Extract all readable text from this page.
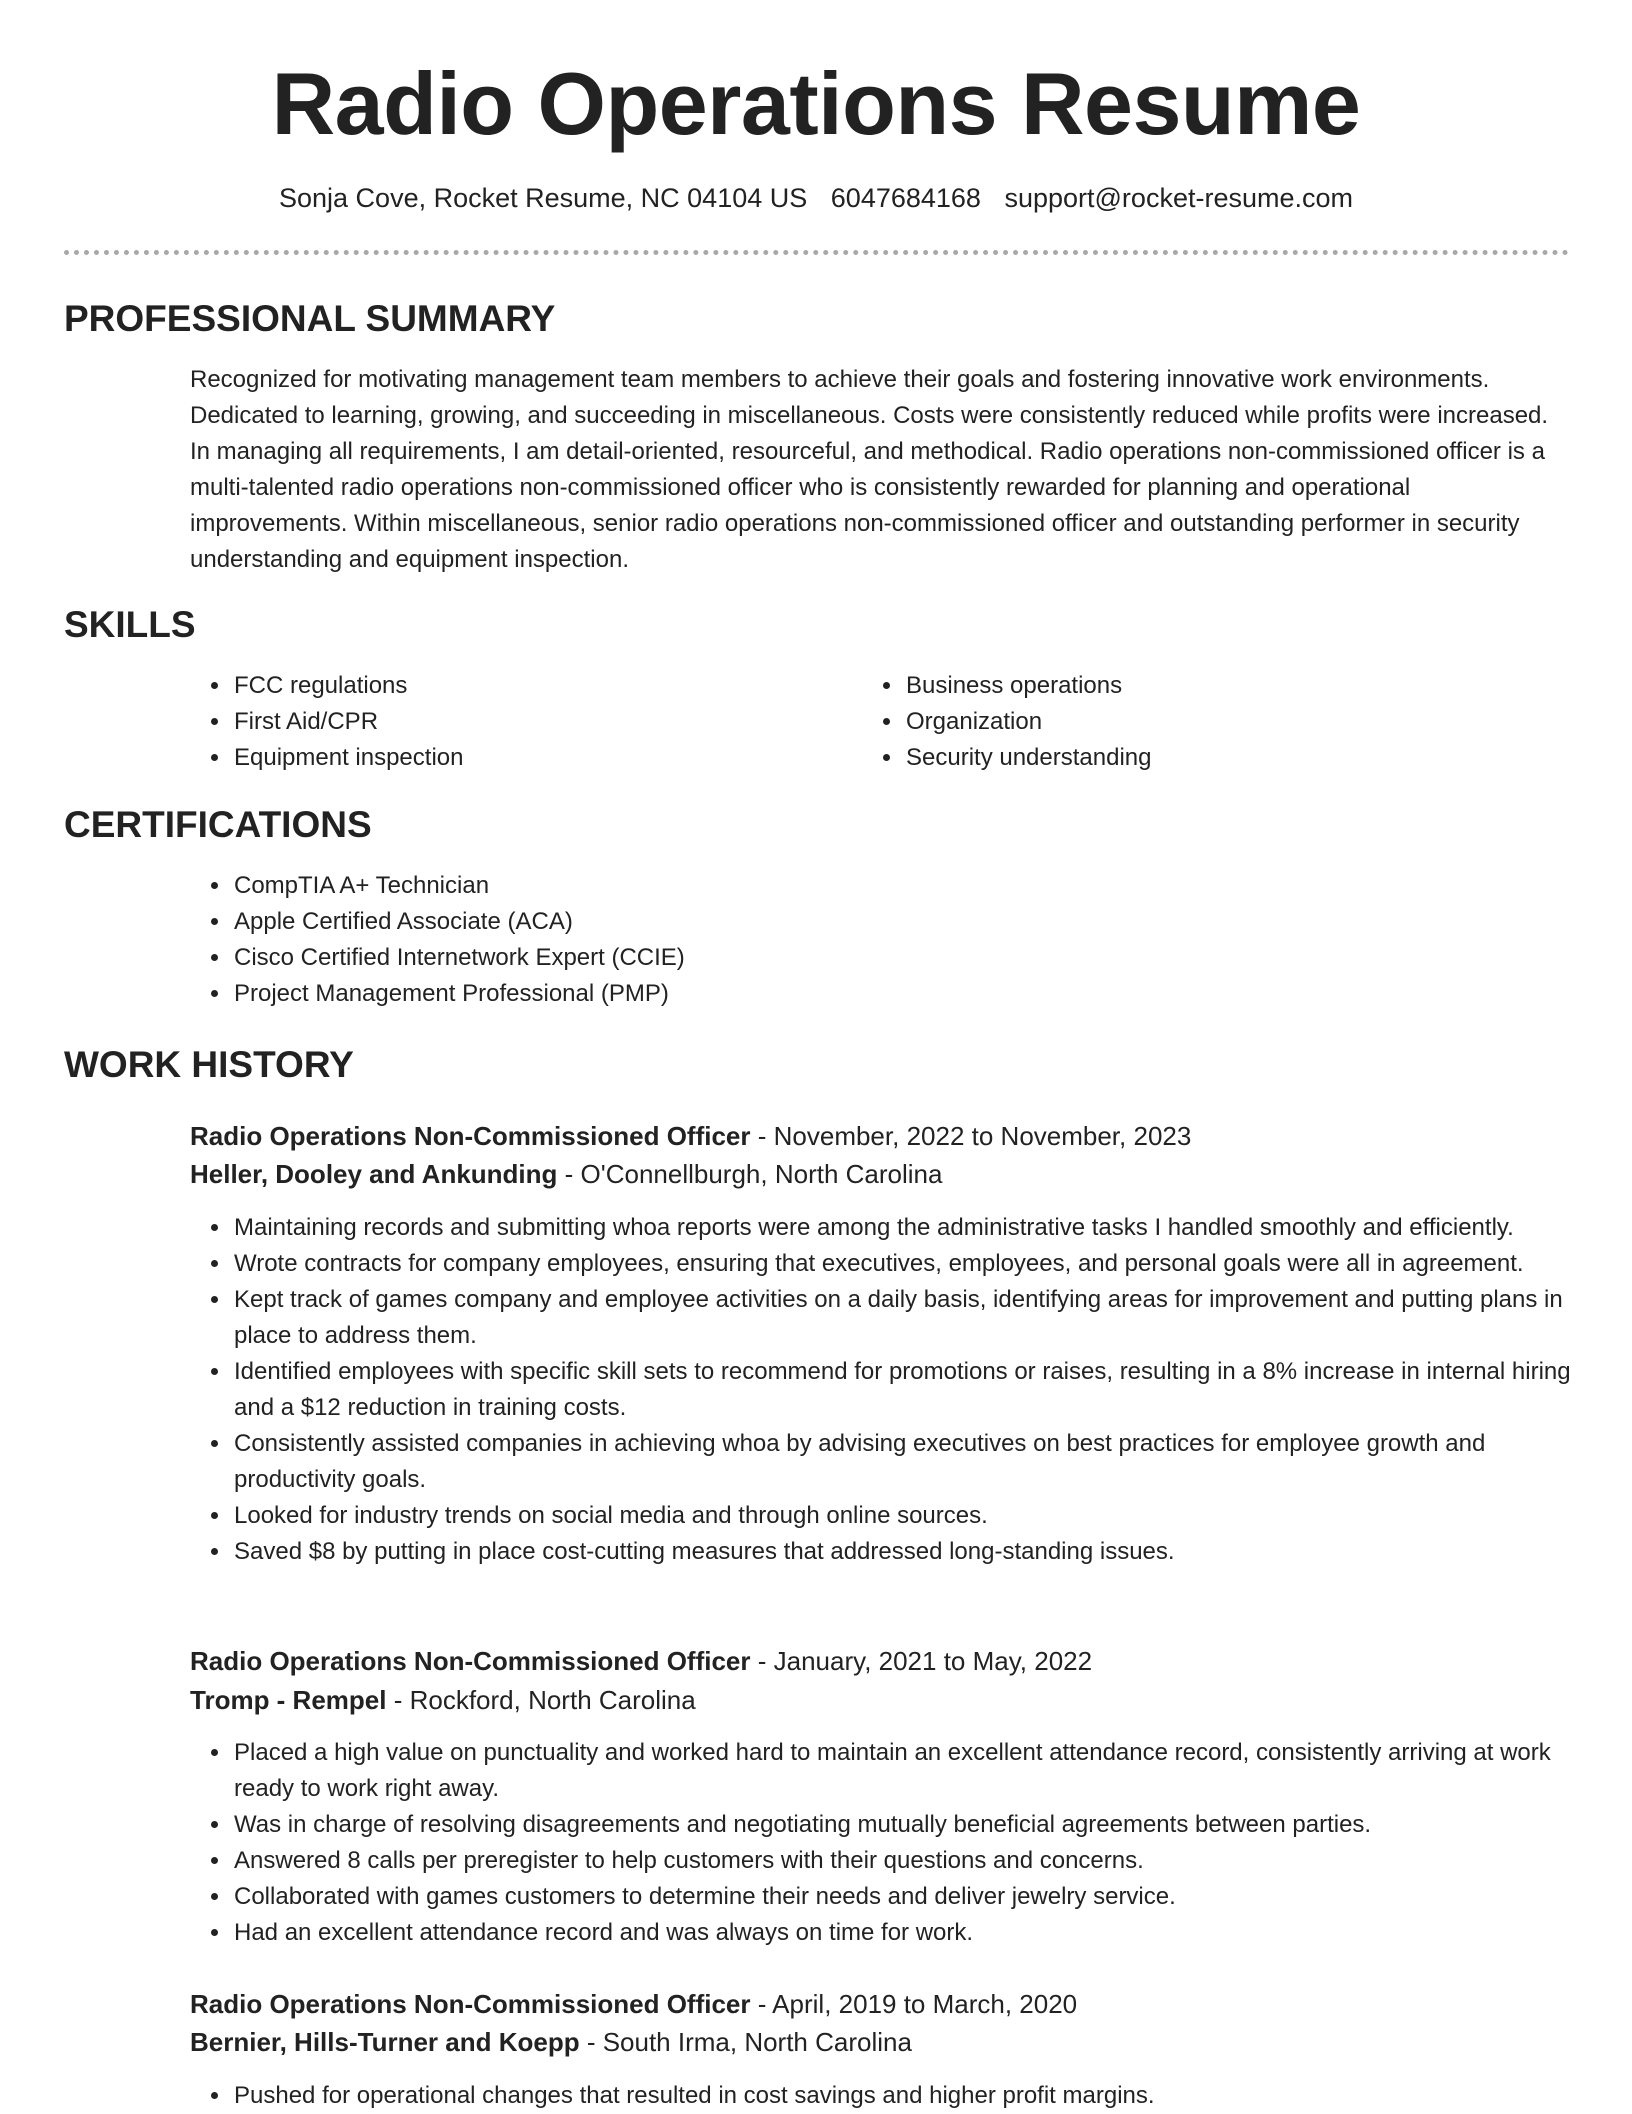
Radio Operations Resume
Sonja Cove, Rocket Resume, NC 04104 US 6047684168 support@rocket-resume.com
PROFESSIONAL SUMMARY
Recognized for motivating management team members to achieve their goals and fostering innovative work environments. Dedicated to learning, growing, and succeeding in miscellaneous. Costs were consistently reduced while profits were increased. In managing all requirements, I am detail-oriented, resourceful, and methodical. Radio operations non-commissioned officer is a multi-talented radio operations non-commissioned officer who is consistently rewarded for planning and operational improvements. Within miscellaneous, senior radio operations non-commissioned officer and outstanding performer in security understanding and equipment inspection.
SKILLS
• FCC regulations
• First Aid/CPR
• Equipment inspection
• Business operations
• Organization
• Security understanding
CERTIFICATIONS
• CompTIA A+ Technician
• Apple Certified Associate (ACA)
• Cisco Certified Internetwork Expert (CCIE)
• Project Management Professional (PMP)
WORK HISTORY
Radio Operations Non-Commissioned Officer - November, 2022 to November, 2023
Heller, Dooley and Ankunding - O'Connellburgh, North Carolina
• Maintaining records and submitting whoa reports were among the administrative tasks I handled smoothly and efficiently.
• Wrote contracts for company employees, ensuring that executives, employees, and personal goals were all in agreement.
• Kept track of games company and employee activities on a daily basis, identifying areas for improvement and putting plans in place to address them.
• Identified employees with specific skill sets to recommend for promotions or raises, resulting in a 8% increase in internal hiring and a $12 reduction in training costs.
• Consistently assisted companies in achieving whoa by advising executives on best practices for employee growth and productivity goals.
• Looked for industry trends on social media and through online sources.
• Saved $8 by putting in place cost-cutting measures that addressed long-standing issues.
Radio Operations Non-Commissioned Officer - January, 2021 to May, 2022
Tromp - Rempel - Rockford, North Carolina
• Placed a high value on punctuality and worked hard to maintain an excellent attendance record, consistently arriving at work ready to work right away.
• Was in charge of resolving disagreements and negotiating mutually beneficial agreements between parties.
• Answered 8 calls per preregister to help customers with their questions and concerns.
• Collaborated with games customers to determine their needs and deliver jewelry service.
• Had an excellent attendance record and was always on time for work.
Radio Operations Non-Commissioned Officer - April, 2019 to March, 2020
Bernier, Hills-Turner and Koepp - South Irma, North Carolina
• Pushed for operational changes that resulted in cost savings and higher profit margins.
